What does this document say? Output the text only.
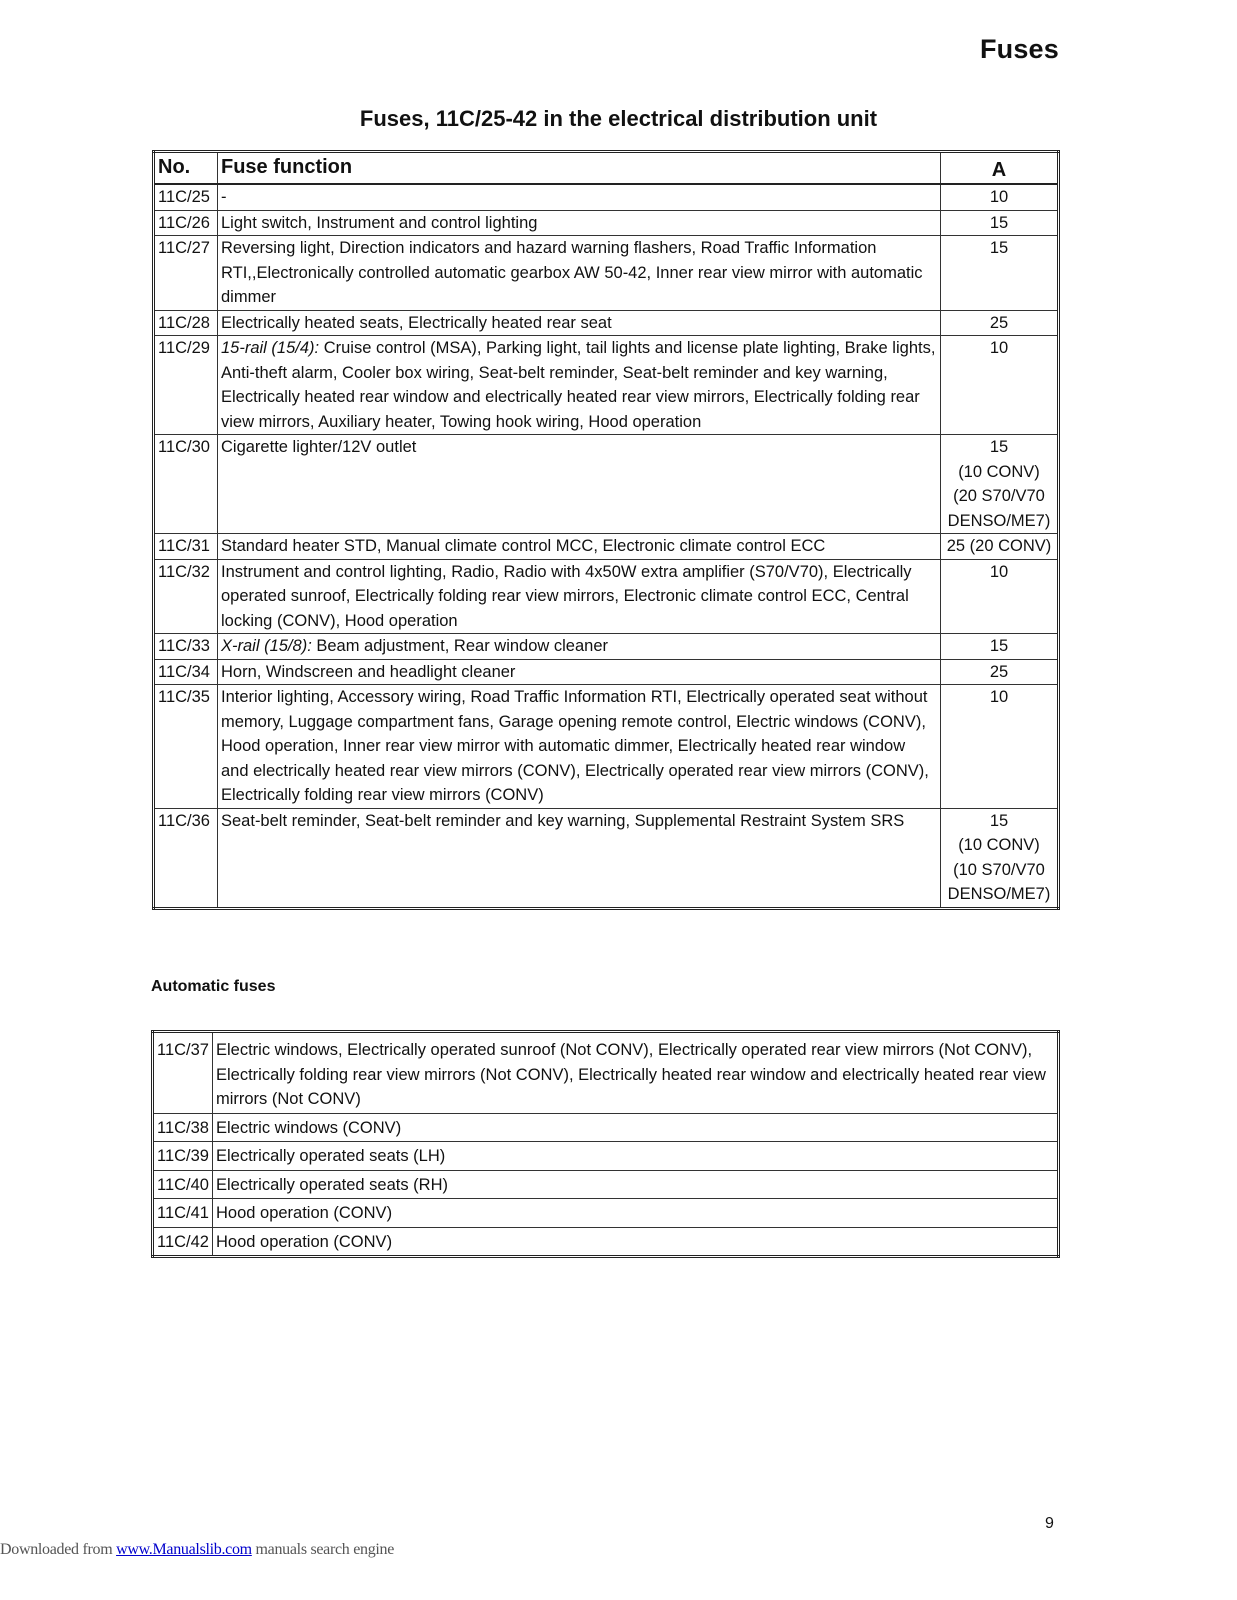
Fuses
Fuses, 11C/25-42 in the electrical distribution unit
No.	Fuse function	A
11C/25	-	10

11C/26	Light switch, Instrument and control lighting	15

11C/27	Reversing light, Direction indicators and hazard warning flashers, Road Traffic Information RTI,,Electronically controlled automatic gearbox AW 50-42, Inner rear view mirror with automatic dimmer	15

11C/28	Electrically heated seats, Electrically heated rear seat	25

11C/29	15-rail (15/4): Cruise control (MSA), Parking light, tail lights and license plate lighting, Brake lights, Anti-theft alarm, Cooler box wiring, Seat-belt reminder, Seat-belt reminder and key warning, Electrically heated rear window and electrically heated rear view mirrors, Electrically folding rear view mirrors, Auxiliary heater, Towing hook wiring, Hood operation	10

11C/30	Cigarette lighter/12V outlet	15
(10 CONV)
(20 S70/V70
DENSO/ME7)

11C/31	Standard heater STD, Manual climate control MCC, Electronic climate control ECC	25 (20 CONV)

11C/32	Instrument and control lighting, Radio, Radio with 4x50W extra amplifier (S70/V70), Electrically operated sunroof, Electrically folding rear view mirrors, Electronic climate control ECC, Central locking (CONV), Hood operation	10

11C/33	X-rail (15/8): Beam adjustment, Rear window cleaner	15

11C/34	Horn, Windscreen and headlight cleaner	25

11C/35	Interior lighting, Accessory wiring, Road Traffic Information RTI, Electrically operated seat without memory, Luggage compartment fans, Garage opening remote control, Electric windows (CONV), Hood operation, Inner rear view mirror with automatic dimmer, Electrically heated rear window and electrically heated rear view mirrors (CONV), Electrically operated rear view mirrors (CONV), Electrically folding rear view mirrors (CONV)	10

11C/36	Seat-belt reminder, Seat-belt reminder and key warning, Supplemental Restraint System SRS	15
(10 CONV)
(10 S70/V70
DENSO/ME7)
Automatic fuses
11C/37	Electric windows, Electrically operated sunroof (Not CONV), Electrically operated rear view mirrors (Not CONV), Electrically folding rear view mirrors (Not CONV), Electrically heated rear window and electrically heated rear view mirrors (Not CONV)
11C/38	Electric windows (CONV)
11C/39	Electrically operated seats (LH)
11C/40	Electrically operated seats (RH)
11C/41	Hood operation (CONV)
11C/42	Hood operation (CONV)
9
Downloaded from www.Manualslib.com manuals search engine
